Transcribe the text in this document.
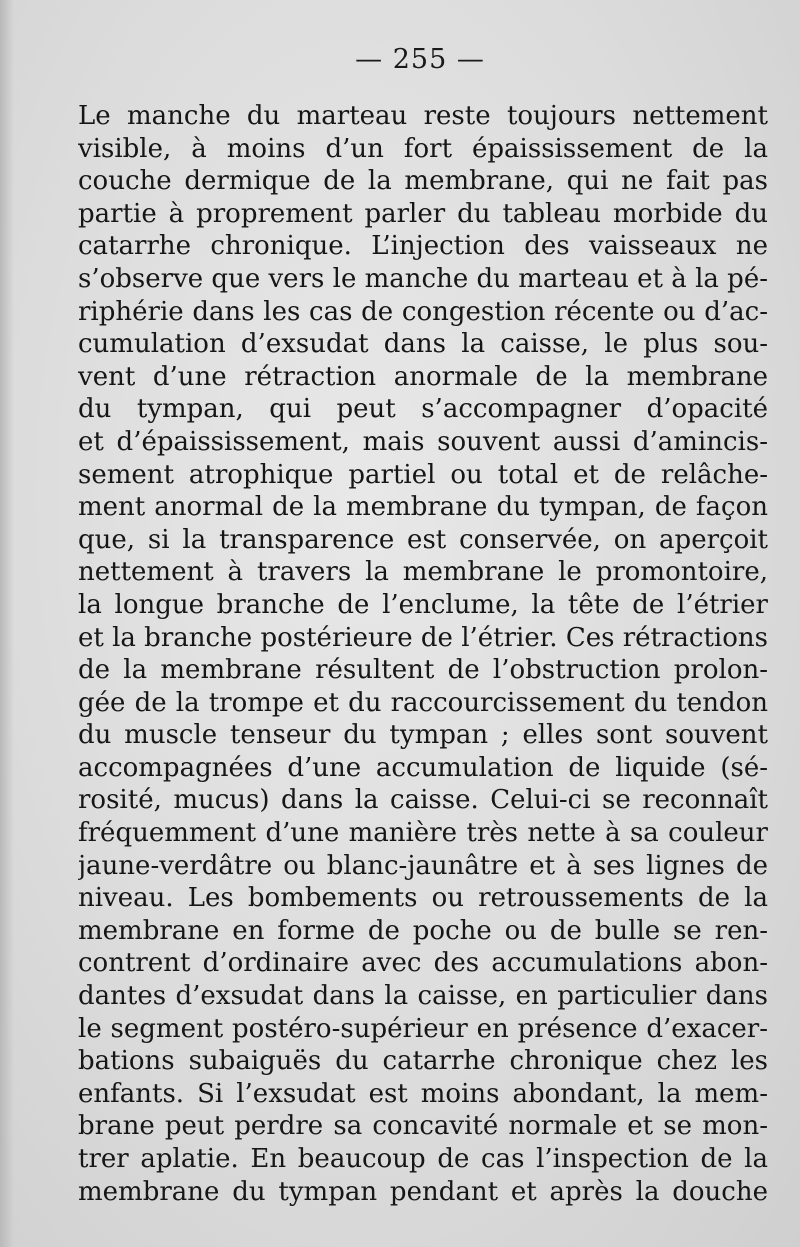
— 255 —
Le manche du marteau reste toujours nettement
visible, à moins d’un fort épaississement de la
couche dermique de la membrane, qui ne fait pas
partie à proprement parler du tableau morbide du
catarrhe chronique. L’injection des vaisseaux ne
s’observe que vers le manche du marteau et à la pé-
riphérie dans les cas de congestion récente ou d’ac-
cumulation d’exsudat dans la caisse, le plus sou-
vent d’une rétraction anormale de la membrane
du tympan, qui peut s’accompagner d’opacité
et d’épaississement, mais souvent aussi d’amincis-
sement atrophique partiel ou total et de relâche-
ment anormal de la membrane du tympan, de façon
que, si la transparence est conservée, on aperçoit
nettement à travers la membrane le promontoire,
la longue branche de l’enclume, la tête de l’étrier
et la branche postérieure de l’étrier. Ces rétractions
de la membrane résultent de l’obstruction prolon-
gée de la trompe et du raccourcissement du tendon
du muscle tenseur du tympan ; elles sont souvent
accompagnées d’une accumulation de liquide (sé-
rosité, mucus) dans la caisse. Celui-ci se reconnaît
fréquemment d’une manière très nette à sa couleur
jaune-verdâtre ou blanc-jaunâtre et à ses lignes de
niveau. Les bombements ou retroussements de la
membrane en forme de poche ou de bulle se ren-
contrent d’ordinaire avec des accumulations abon-
dantes d’exsudat dans la caisse, en particulier dans
le segment postéro-supérieur en présence d’exacer-
bations subaiguës du catarrhe chronique chez les
enfants. Si l’exsudat est moins abondant, la mem-
brane peut perdre sa concavité normale et se mon-
trer aplatie. En beaucoup de cas l’inspection de la
membrane du tympan pendant et après la douche
